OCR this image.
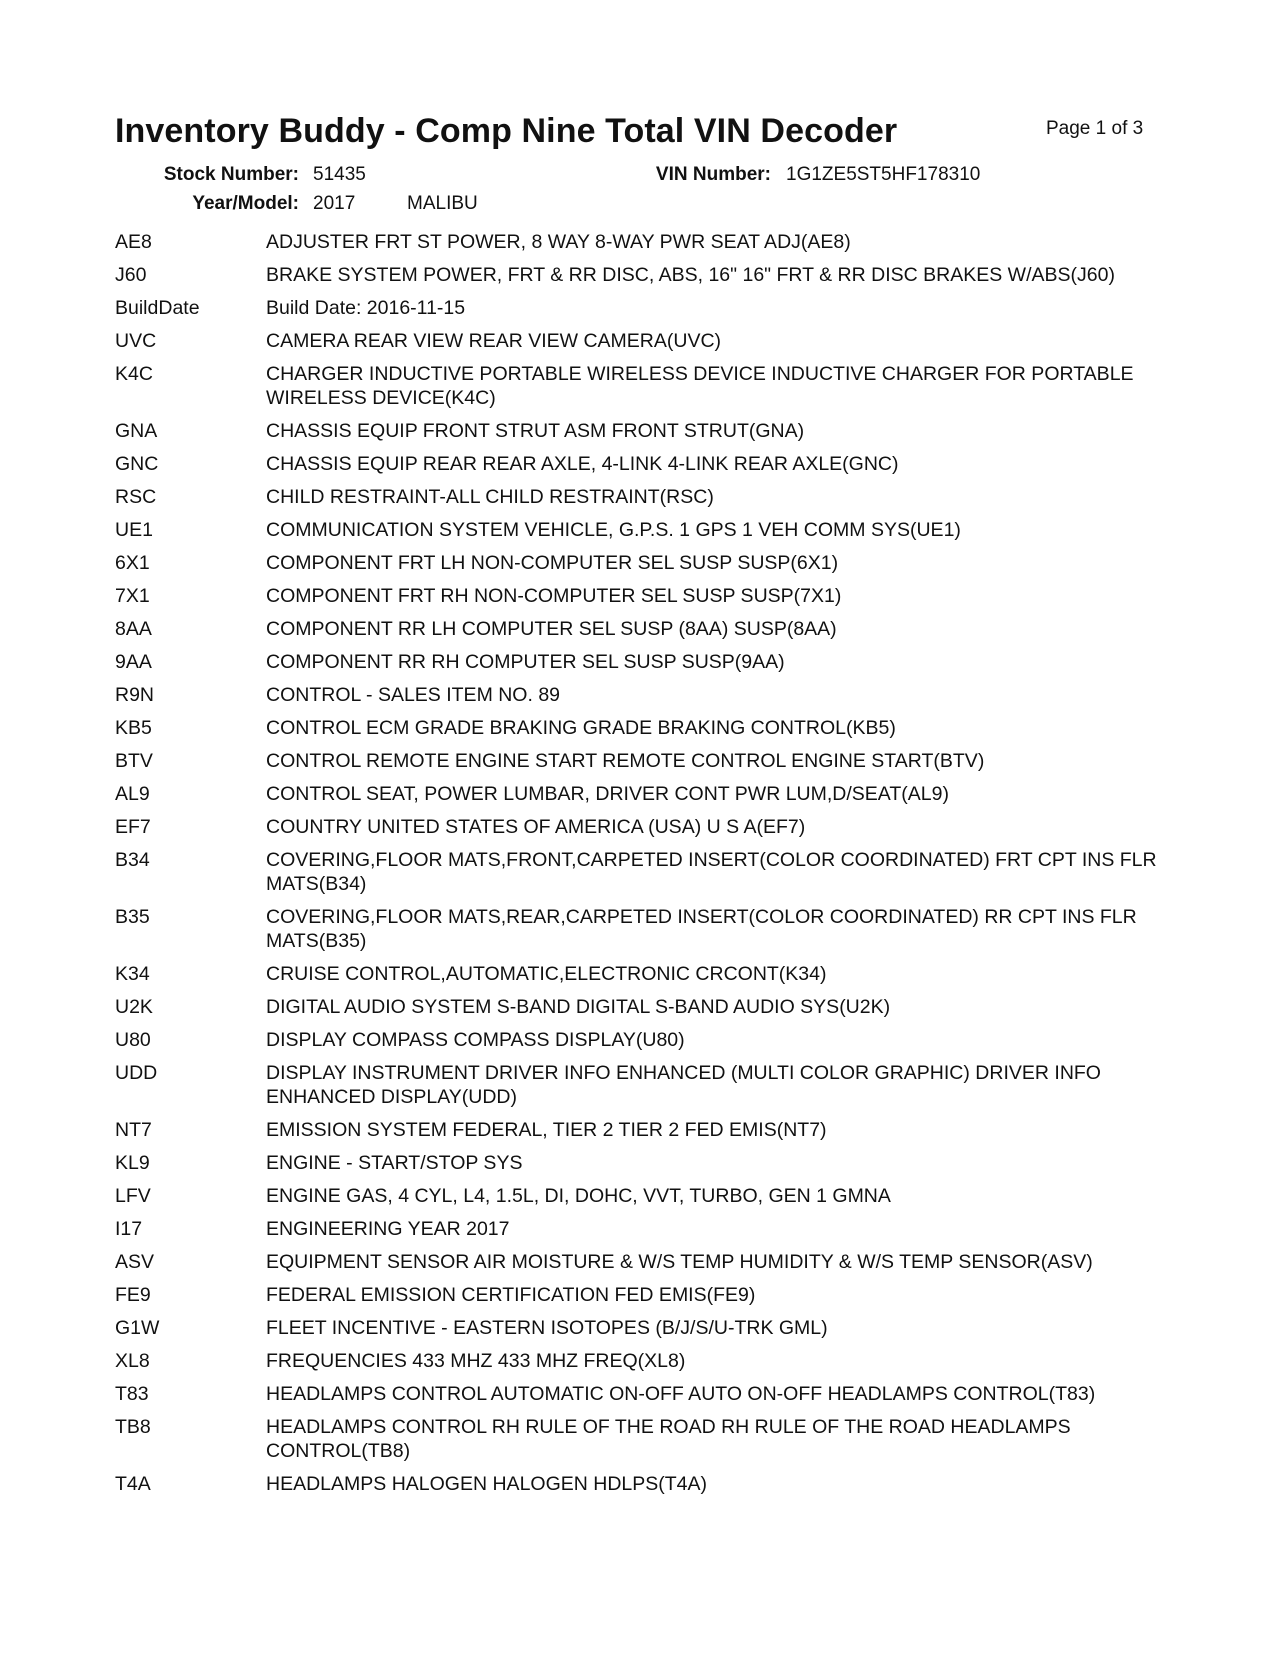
Inventory Buddy - Comp Nine Total VIN Decoder	Page 1 of 3
Stock Number: 51435	VIN Number: 1G1ZE5ST5HF178310
Year/Model: 2017	MALIBU
AE8	ADJUSTER FRT ST POWER, 8 WAY 8-WAY PWR SEAT ADJ(AE8)
J60	BRAKE SYSTEM POWER, FRT & RR DISC, ABS, 16" 16" FRT & RR DISC BRAKES W/ABS(J60)
BuildDate	Build Date: 2016-11-15
UVC	CAMERA REAR VIEW REAR VIEW CAMERA(UVC)
K4C	CHARGER INDUCTIVE PORTABLE WIRELESS DEVICE INDUCTIVE CHARGER FOR PORTABLE WIRELESS DEVICE(K4C)
GNA	CHASSIS EQUIP FRONT STRUT ASM FRONT STRUT(GNA)
GNC	CHASSIS EQUIP REAR REAR AXLE, 4-LINK 4-LINK REAR AXLE(GNC)
RSC	CHILD RESTRAINT-ALL CHILD RESTRAINT(RSC)
UE1	COMMUNICATION SYSTEM VEHICLE, G.P.S. 1 GPS 1 VEH COMM SYS(UE1)
6X1	COMPONENT FRT LH NON-COMPUTER SEL SUSP SUSP(6X1)
7X1	COMPONENT FRT RH NON-COMPUTER SEL SUSP SUSP(7X1)
8AA	COMPONENT RR LH COMPUTER SEL SUSP (8AA) SUSP(8AA)
9AA	COMPONENT RR RH COMPUTER SEL SUSP SUSP(9AA)
R9N	CONTROL - SALES ITEM NO. 89
KB5	CONTROL ECM GRADE BRAKING GRADE BRAKING CONTROL(KB5)
BTV	CONTROL REMOTE ENGINE START REMOTE CONTROL ENGINE START(BTV)
AL9	CONTROL SEAT, POWER LUMBAR, DRIVER CONT PWR LUM,D/SEAT(AL9)
EF7	COUNTRY UNITED STATES OF AMERICA (USA) U S A(EF7)
B34	COVERING,FLOOR MATS,FRONT,CARPETED INSERT(COLOR COORDINATED) FRT CPT INS FLR MATS(B34)
B35	COVERING,FLOOR MATS,REAR,CARPETED INSERT(COLOR COORDINATED) RR CPT INS FLR MATS(B35)
K34	CRUISE CONTROL,AUTOMATIC,ELECTRONIC CRCONT(K34)
U2K	DIGITAL AUDIO SYSTEM S-BAND DIGITAL S-BAND AUDIO SYS(U2K)
U80	DISPLAY COMPASS COMPASS DISPLAY(U80)
UDD	DISPLAY INSTRUMENT DRIVER INFO ENHANCED (MULTI COLOR GRAPHIC) DRIVER INFO ENHANCED DISPLAY(UDD)
NT7	EMISSION SYSTEM FEDERAL, TIER 2 TIER 2 FED EMIS(NT7)
KL9	ENGINE - START/STOP SYS
LFV	ENGINE GAS, 4 CYL, L4, 1.5L, DI, DOHC, VVT, TURBO, GEN 1 GMNA
I17	ENGINEERING YEAR 2017
ASV	EQUIPMENT SENSOR AIR MOISTURE & W/S TEMP HUMIDITY & W/S TEMP SENSOR(ASV)
FE9	FEDERAL EMISSION CERTIFICATION FED EMIS(FE9)
G1W	FLEET INCENTIVE - EASTERN ISOTOPES (B/J/S/U-TRK GML)
XL8	FREQUENCIES 433 MHZ 433 MHZ FREQ(XL8)
T83	HEADLAMPS CONTROL AUTOMATIC ON-OFF AUTO ON-OFF HEADLAMPS CONTROL(T83)
TB8	HEADLAMPS CONTROL RH RULE OF THE ROAD RH RULE OF THE ROAD HEADLAMPS CONTROL(TB8)
T4A	HEADLAMPS HALOGEN HALOGEN HDLPS(T4A)
